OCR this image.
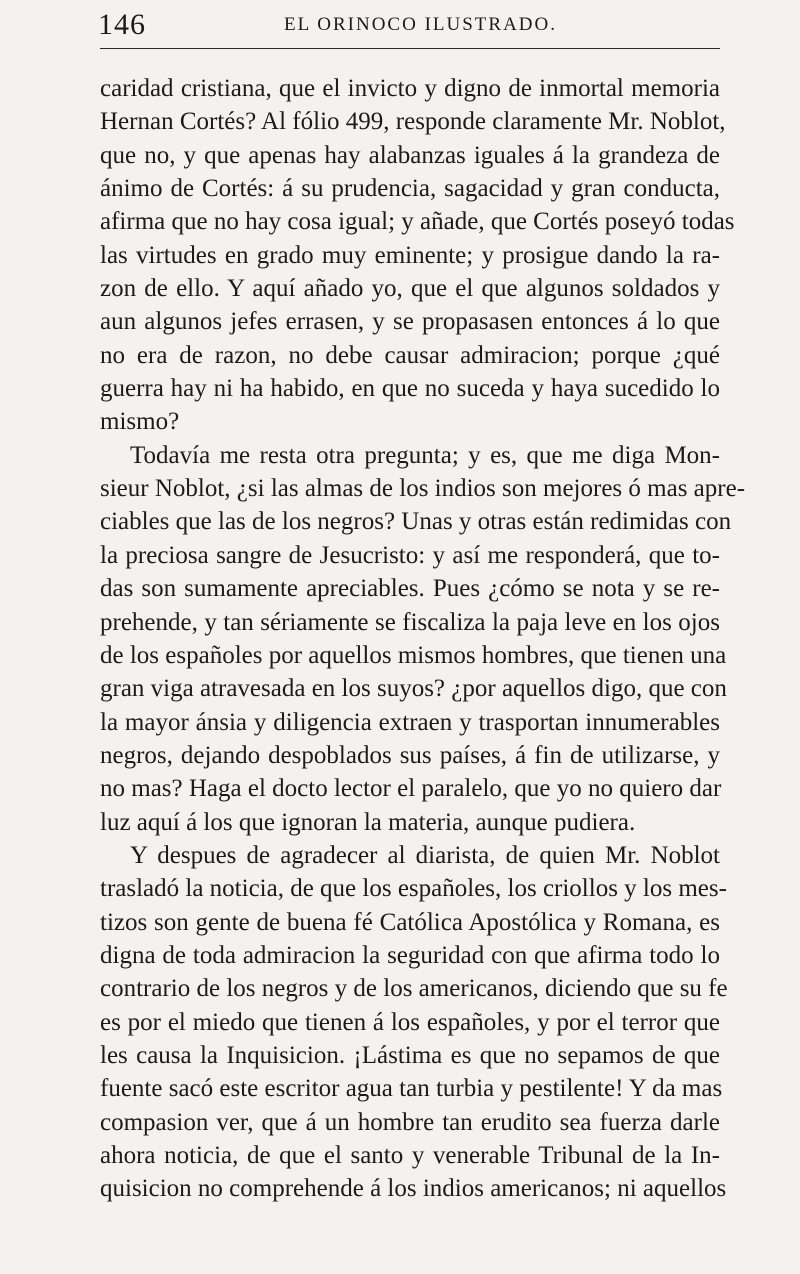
146	EL ORINOCO ILUSTRADO.
caridad cristiana, que el invicto y digno de inmortal memoria
Hernan Cortés? Al fólio 499, responde claramente Mr. Noblot,
que no, y que apenas hay alabanzas iguales á la grandeza de
ánimo de Cortés: á su prudencia, sagacidad y gran conducta,
afirma que no hay cosa igual; y añade, que Cortés poseyó todas
las virtudes en grado muy eminente; y prosigue dando la ra-
zon de ello. Y aquí añado yo, que el que algunos soldados y
aun algunos jefes errasen, y se propasasen entonces á lo que
no era de razon, no debe causar admiracion; porque ¿qué
guerra hay ni ha habido, en que no suceda y haya sucedido lo
mismo?
Todavía me resta otra pregunta; y es, que me diga Mon-
sieur Noblot, ¿si las almas de los indios son mejores ó mas apre-
ciables que las de los negros? Unas y otras están redimidas con
la preciosa sangre de Jesucristo: y así me responderá, que to-
das son sumamente apreciables. Pues ¿cómo se nota y se re-
prehende, y tan sériamente se fiscaliza la paja leve en los ojos
de los españoles por aquellos mismos hombres, que tienen una
gran viga atravesada en los suyos? ¿por aquellos digo, que con
la mayor ánsia y diligencia extraen y trasportan innumerables
negros, dejando despoblados sus países, á fin de utilizarse, y
no mas? Haga el docto lector el paralelo, que yo no quiero dar
luz aquí á los que ignoran la materia, aunque pudiera.
Y despues de agradecer al diarista, de quien Mr. Noblot
trasladó la noticia, de que los españoles, los criollos y los mes-
tizos son gente de buena fé Católica Apostólica y Romana, es
digna de toda admiracion la seguridad con que afirma todo lo
contrario de los negros y de los americanos, diciendo que su fe
es por el miedo que tienen á los españoles, y por el terror que
les causa la Inquisicion. ¡Lástima es que no sepamos de que
fuente sacó este escritor agua tan turbia y pestilente! Y da mas
compasion ver, que á un hombre tan erudito sea fuerza darle
ahora noticia, de que el santo y venerable Tribunal de la In-
quisicion no comprehende á los indios americanos; ni aquellos
